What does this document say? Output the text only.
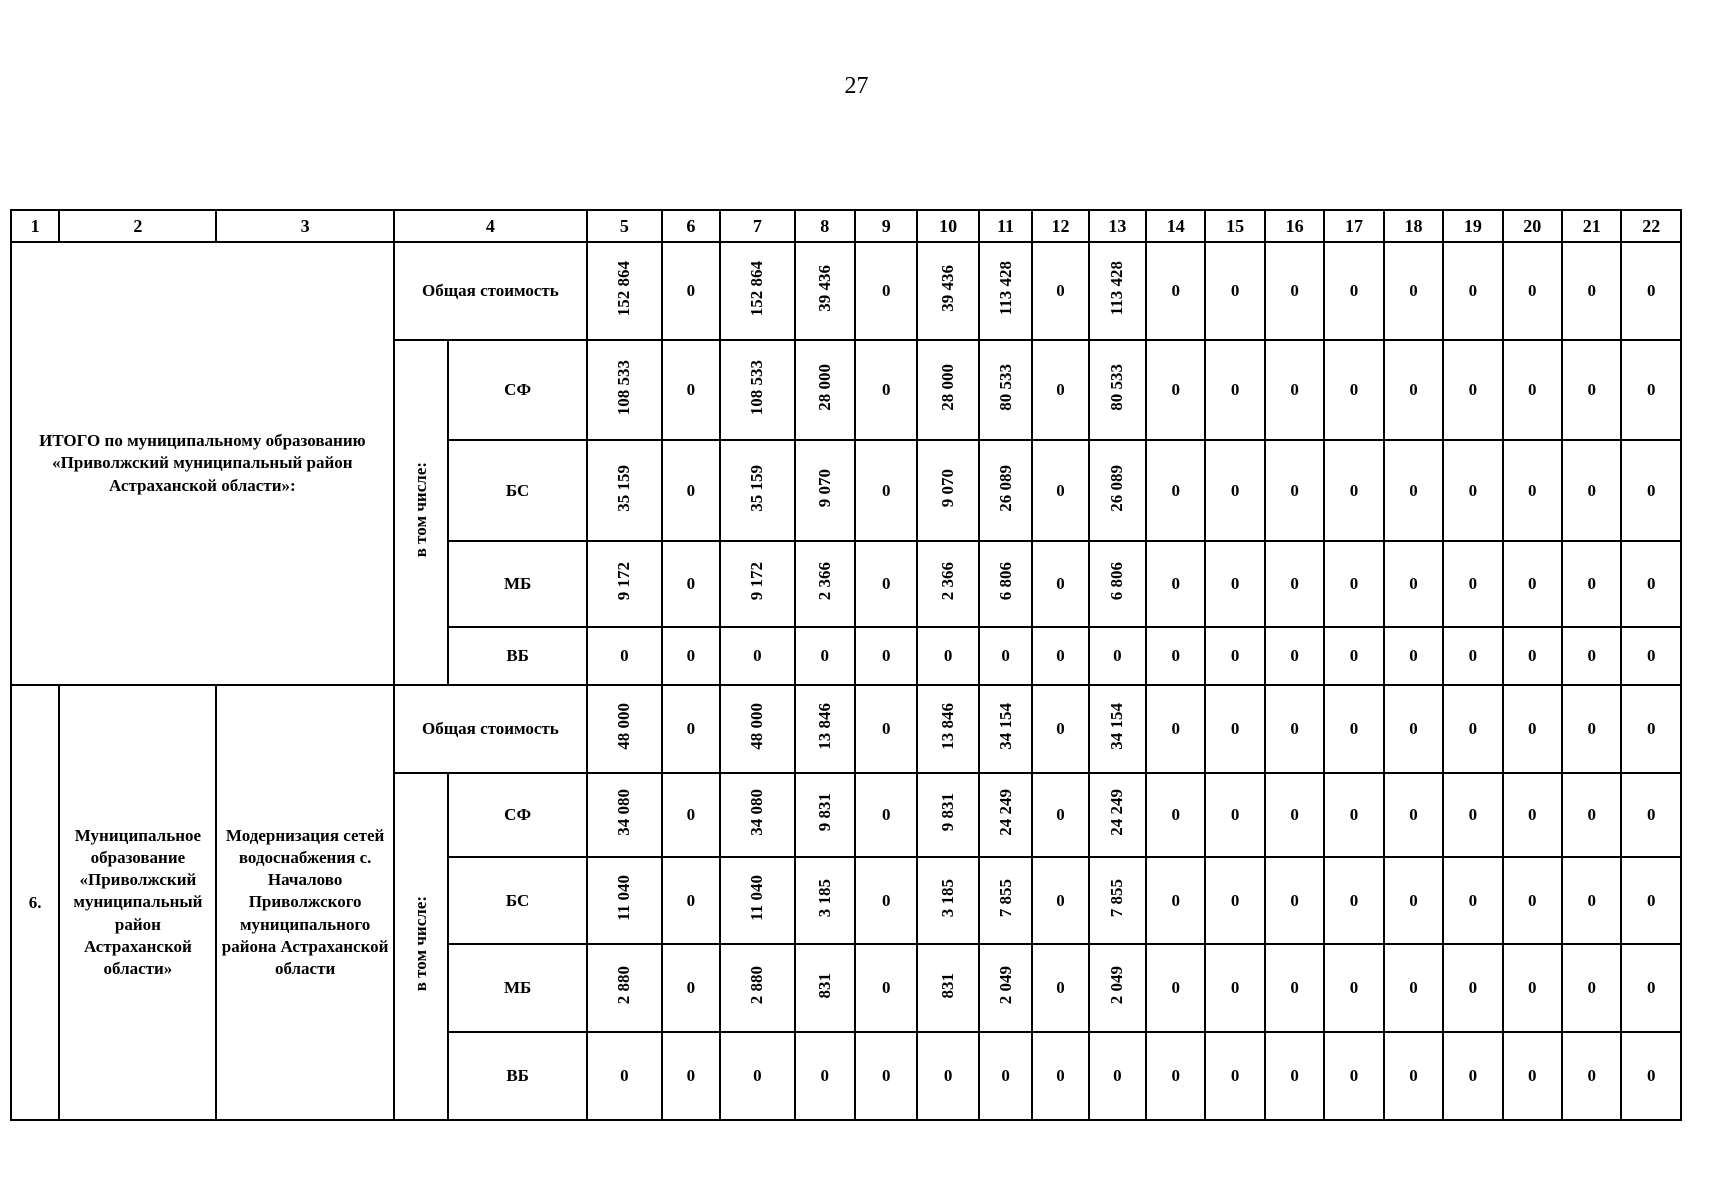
27
1	2	3	4		5	6	7	8	9	10	11	12	13	14	15	16	17	18	19	20	21	22
ИТОГО по муниципальному образованию «Приволжский муниципальный район Астраханской области»:			Общая стоимость		152 864	0	152 864	39 436	0	39 436	113 428	0	113 428	0	0	0	0	0	0	0	0	0
			в том числе:	СФ	108 533	0	108 533	28 000	0	28 000	80 533	0	80 533	0	0	0	0	0	0	0	0	0
				БС	35 159	0	35 159	9 070	0	9 070	26 089	0	26 089	0	0	0	0	0	0	0	0	0
				МБ	9 172	0	9 172	2 366	0	2 366	6 806	0	6 806	0	0	0	0	0	0	0	0	0
				ВБ	0	0	0	0	0	0	0	0	0	0	0	0	0	0	0	0	0	0
6.	Муниципальное образование «Приволжский муниципальный район Астраханской области»	Модернизация сетей водоснабжения с. Началово Приволжского муниципального района Астраханской области	Общая стоимость		48 000	0	48 000	13 846	0	13 846	34 154	0	34 154	0	0	0	0	0	0	0	0	0
			в том числе:	СФ	34 080	0	34 080	9 831	0	9 831	24 249	0	24 249	0	0	0	0	0	0	0	0	0
				БС	11 040	0	11 040	3 185	0	3 185	7 855	0	7 855	0	0	0	0	0	0	0	0	0
				МБ	2 880	0	2 880	831	0	831	2 049	0	2 049	0	0	0	0	0	0	0	0	0
				ВБ	0	0	0	0	0	0	0	0	0	0	0	0	0	0	0	0	0	0
